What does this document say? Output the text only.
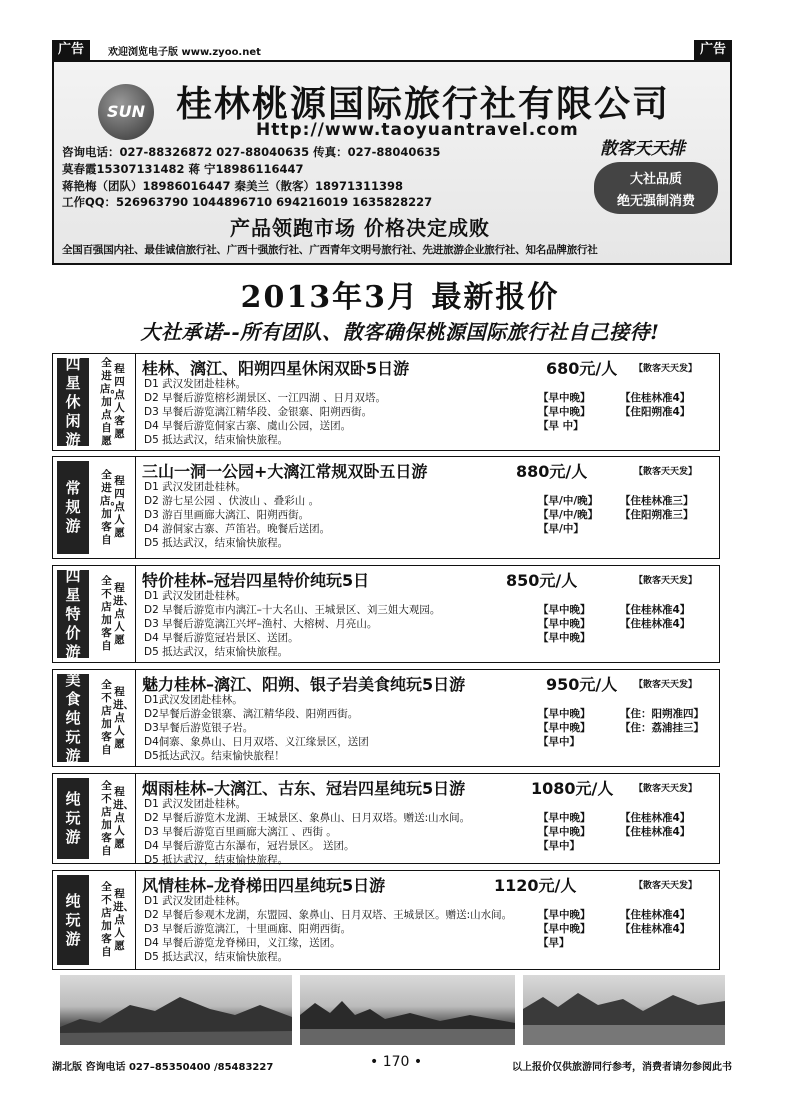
广告	欢迎浏览电子版 www.zyoo.net	广告
SUN 桂林桃源国际旅行社有限公司
Http://www.taoyuantravel.com
咨询电话：027-88326872 027-88040635 传真：027-88040635
莫春霞15307131482 蒋 宁18986116447
蒋艳梅（团队）18986016447 秦美兰（散客）18971311398
工作QQ：526963790 1044896710 694216019 1635828227
散客天天排
大社品质
绝无强制消费
产品领跑市场 价格决定成败
全国百强国内社、最佳诚信旅行社、广西十强旅行社、广西青年文明号旅行社、先进旅游企业旅行社、知名品牌旅行社
2013年3月 最新报价
大社承诺--所有团队、散客确保桃源国际旅行社自己接待!
四星休闲游
全进店。加点自愿
程四点人客愿
桂林、漓江、阳朔四星休闲双卧5日游	680元/人 【散客天天发】
D1 武汉发团赴桂林。
D2 早餐后游览榕杉湖景区、一江四湖 、日月双塔。	【早中晚】	【住桂林准4】
D3 早餐后游览漓江精华段、金银寨、阳朔西街。	【早中晚】	【住阳朔准4】
D4 早餐后游览侗家古寨、虞山公园，送团。	【早 中】
D5 抵达武汉，结束愉快旅程。
常规游
全进店。加客自
程四点人愿
三山一洞一公园+大漓江常规双卧五日游	880元/人	【散客天天发】
D1 武汉发团赴桂林。
D2 游七星公园 、伏波山 、叠彩山 。	【早/中/晚】 【住桂林准三】
D3 游百里画廊大漓江、阳朔西街。	【早/中/晚】 【住阳朔准三】
D4 游侗家古寨、芦笛岩。晚餐后送团。	【早/中】
D5 抵达武汉，结束愉快旅程。
四星特价游
全不店加客自
程进、点人愿
特价桂林–冠岩四星特价纯玩5日	850元/人	【散客天天发】
D1 武汉发团赴桂林。
D2 早餐后游览市内漓江–十大名山、王城景区、刘三姐大观园。	【早中晚】	【住桂林准4】
D3 早餐后游览漓江兴坪–渔村、大榕树、月亮山。	【早中晚】	【住桂林准4】
D4 早餐后游览冠岩景区、送团。	【早中晚】
D5 抵达武汉，结束愉快旅程。
美食纯玩游
全不店加客自
程进、点人愿
魅力桂林–漓江、阳朔、银子岩美食纯玩5日游	950元/人 【散客天天发】
D1武汉发团赴桂林。
D2早餐后游金银寨、漓江精华段、阳朔西街。	【早中晚】	【住：阳朔准四】
D3早餐后游览银子岩。	【早中晚】	【住：荔浦挂三】
D4侗寨、象鼻山、日月双塔、义江缘景区，送团	【早中】
D5抵达武汉。结束愉快旅程！
纯玩游
全不店加客自
程进、点人愿
烟雨桂林–大漓江、古东、冠岩四星纯玩5日游	1080元/人 【散客天天发】
D1 武汉发团赴桂林。
D2 早餐后游览木龙湖、王城景区、象鼻山、日月双塔。赠送:山水间。	【早中晚】	【住桂林准4】
D3 早餐后游览百里画廊大漓江 、西街 。	【早中晚】	【住桂林准4】
D4 早餐后游览古东瀑布，冠岩景区。 送团。	【早中】
D5 抵达武汉，结束愉快旅程。
纯玩游
全不店加客自
程进、点人愿
风情桂林–龙脊梯田四星纯玩5日游	1120元/人	【散客天天发】
D1 武汉发团赴桂林。
D2 早餐后参观木龙湖，东盟园、象鼻山、日月双塔、王城景区。赠送:山水间。 【早中晚】	【住桂林准4】
D3 早餐后游览漓江，十里画廊、阳朔西街。	【早中晚】	【住桂林准4】
D4 早餐后游览龙脊梯田，义江缘，送团。	【早】
D5 抵达武汉，结束愉快旅程。
湖北版 咨询电话 027–85350400 /85483227	• 170 •	以上报价仅供旅游同行参考，消费者请勿参阅此书
